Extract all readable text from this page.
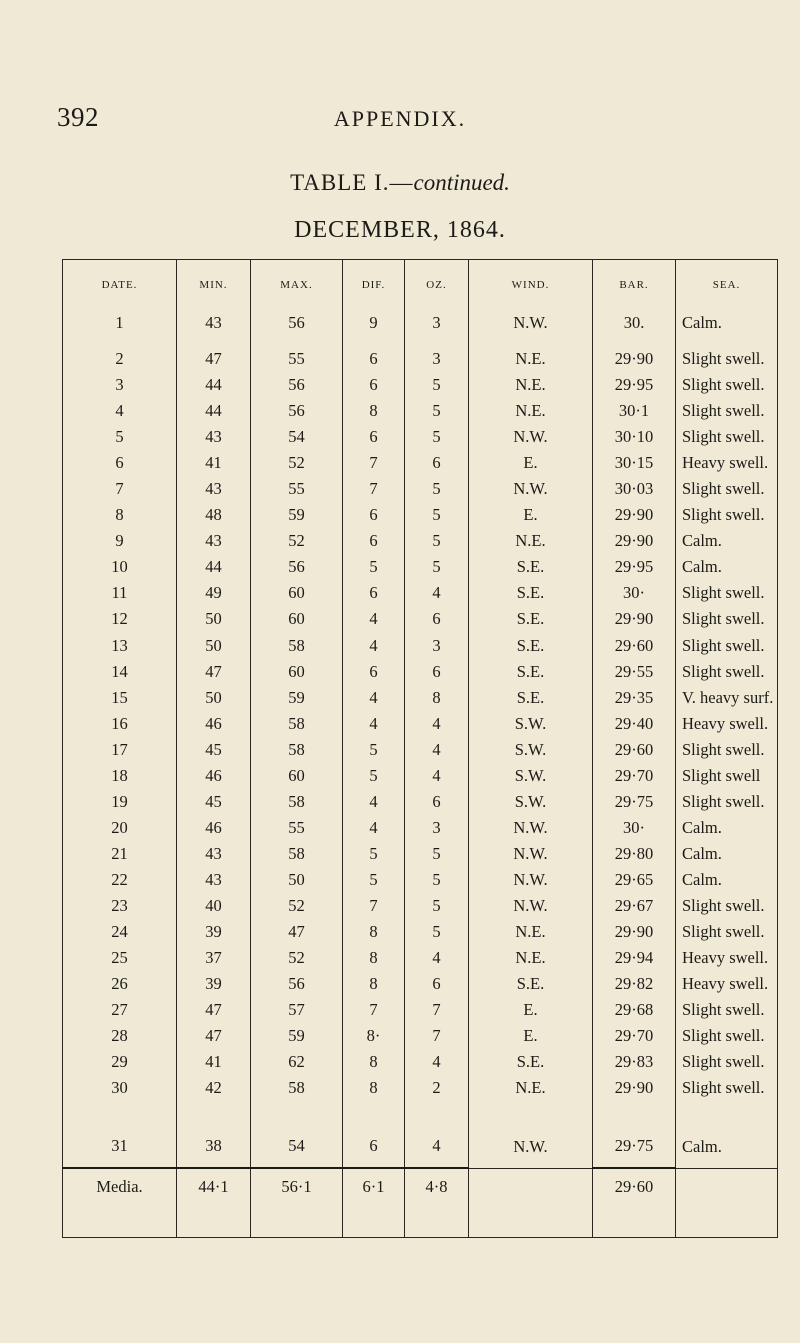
392	APPENDIX.
TABLE I.—continued.
DECEMBER, 1864.
DATE.	MIN.	MAX.	DIF.	OZ.	WIND.	BAR.	SEA.
1	43	56	9	3	N.W.	30.	Calm.
2	47	55	6	3	N.E.	29·90	Slight swell.
3	44	56	6	5	N.E.	29·95	Slight swell.
4	44	56	8	5	N.E.	30·1	Slight swell.
5	43	54	6	5	N.W.	30·10	Slight swell.
6	41	52	7	6	E.	30·15	Heavy swell.
7	43	55	7	5	N.W.	30·03	Slight swell.
8	48	59	6	5	E.	29·90	Slight swell.
9	43	52	6	5	N.E.	29·90	Calm.
10	44	56	5	5	S.E.	29·95	Calm.
11	49	60	6	4	S.E.	30·	Slight swell.
12	50	60	4	6	S.E.	29·90	Slight swell.
13	50	58	4	3	S.E.	29·60	Slight swell.
14	47	60	6	6	S.E.	29·55	Slight swell.
15	50	59	4	8	S.E.	29·35	V. heavy surf.
16	46	58	4	4	S.W.	29·40	Heavy swell.
17	45	58	5	4	S.W.	29·60	Slight swell.
18	46	60	5	4	S.W.	29·70	Slight swell
19	45	58	4	6	S.W.	29·75	Slight swell.
20	46	55	4	3	N.W.	30·	Calm.
21	43	58	5	5	N.W.	29·80	Calm.
22	43	50	5	5	N.W.	29·65	Calm.
23	40	52	7	5	N.W.	29·67	Slight swell.
24	39	47	8	5	N.E.	29·90	Slight swell.
25	37	52	8	4	N.E.	29·94	Heavy swell.
26	39	56	8	6	S.E.	29·82	Heavy swell.
27	47	57	7	7	E.	29·68	Slight swell.
28	47	59	8·	7	E.	29·70	Slight swell.
29	41	62	8	4	S.E.	29·83	Slight swell.
30	42	58	8	2	N.E.	29·90	Slight swell.
31	38	54	6	4	N.W.	29·75	Calm.
Media.	44·1	56·1	6·1	4·8		29·60	
